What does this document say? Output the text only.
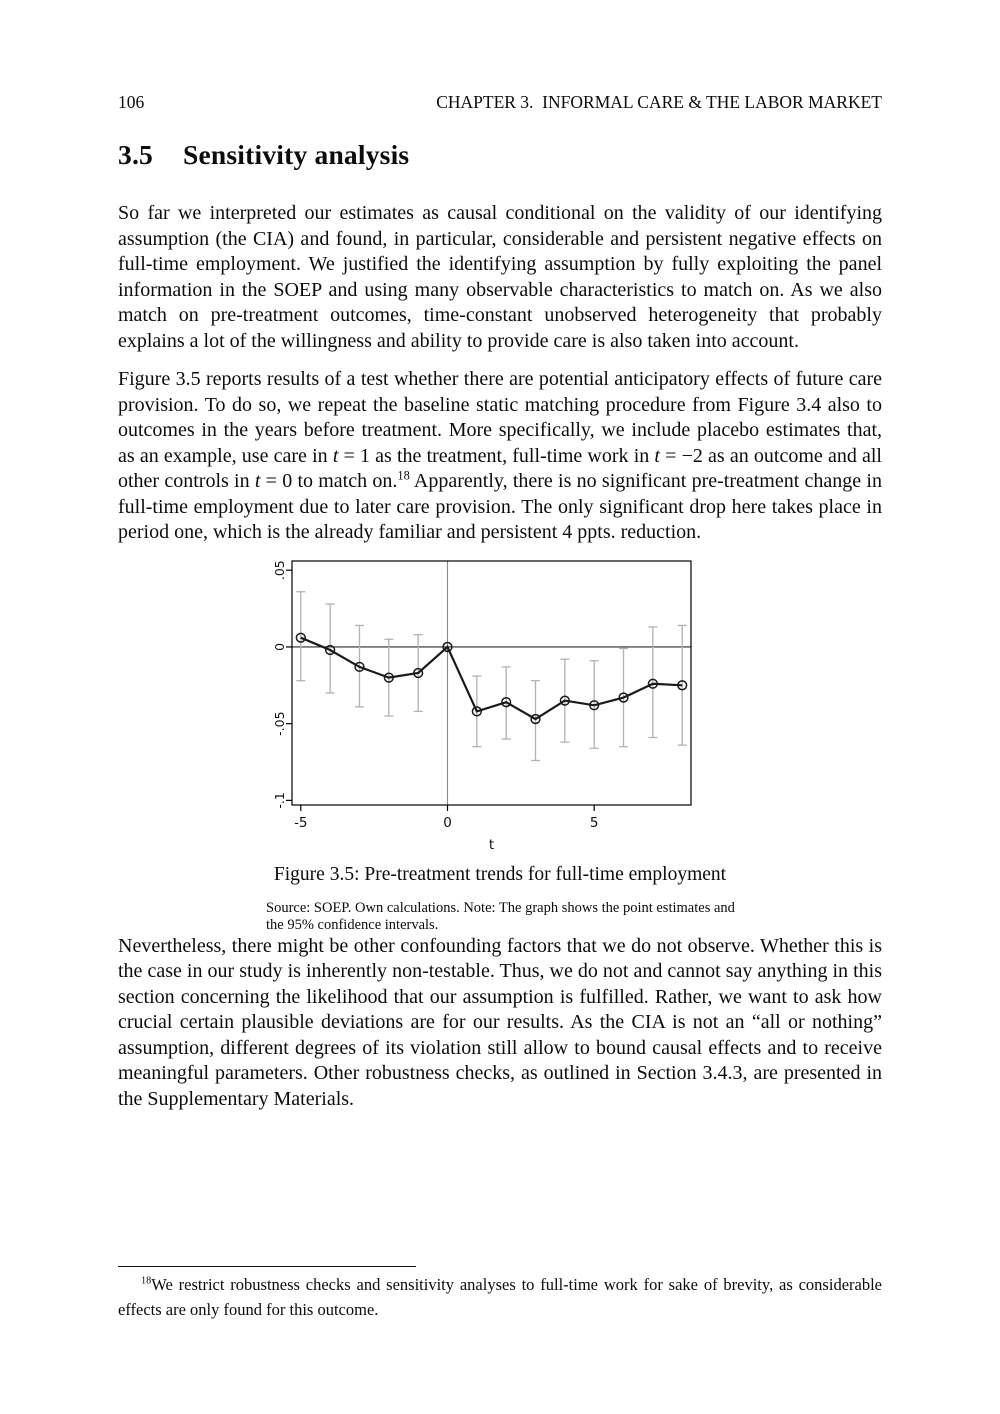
106	CHAPTER 3.  INFORMAL CARE & THE LABOR MARKET
3.5 Sensitivity analysis

So far we interpreted our estimates as causal conditional on the validity of our identifying assumption (the CIA) and found, in particular, considerable and persistent negative effects on full-time employment. We justified the identifying assumption by fully exploiting the panel information in the SOEP and using many observable characteristics to match on. As we also match on pre-treatment outcomes, time-constant unobserved heterogeneity that probably explains a lot of the willingness and ability to provide care is also taken into account.

Figure 3.5 reports results of a test whether there are potential anticipatory effects of future care provision. To do so, we repeat the baseline static matching procedure from Figure 3.4 also to outcomes in the years before treatment. More specifically, we include placebo estimates that, as an example, use care in t = 1 as the treatment, full-time work in t = −2 as an outcome and all other controls in t = 0 to match on.$^{18}$ Apparently, there is no significant pre-treatment change in full-time employment due to later care provision. The only significant drop here takes place in period one, which is the already familiar and persistent 4 ppts. reduction.

.05
0
-.05
-.1
-5	0	5
t
Figure 3.5: Pre-treatment trends for full-time employment
Source: SOEP. Own calculations. Note: The graph shows the point estimates and the 95% confidence intervals.

Nevertheless, there might be other confounding factors that we do not observe. Whether this is the case in our study is inherently non-testable. Thus, we do not and cannot say anything in this section concerning the likelihood that our assumption is fulfilled. Rather, we want to ask how crucial certain plausible deviations are for our results. As the CIA is not an “all or nothing” assumption, different degrees of its violation still allow to bound causal effects and to receive meaningful parameters. Other robustness checks, as outlined in Section 3.4.3, are presented in the Supplementary Materials.

$^{18}$We restrict robustness checks and sensitivity analyses to full-time work for sake of brevity, as considerable effects are only found for this outcome.
